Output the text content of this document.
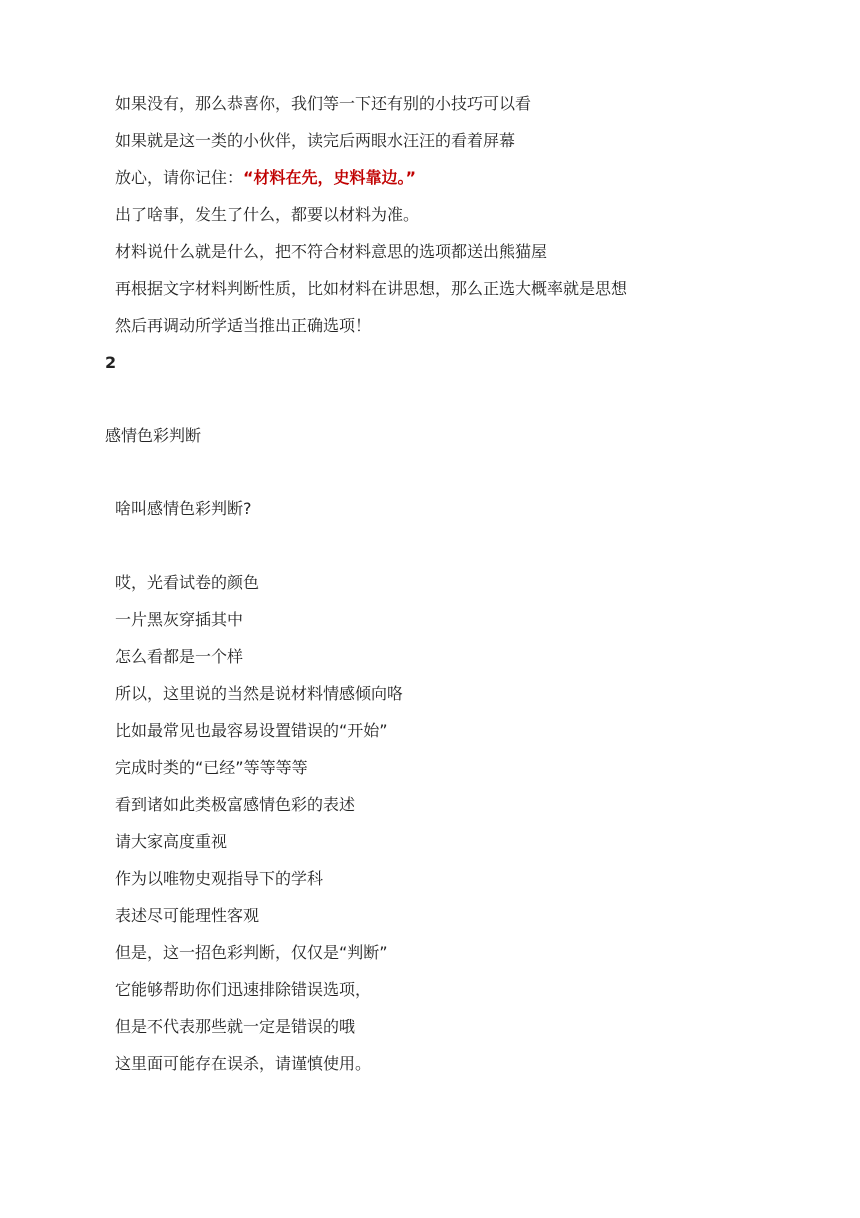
如果没有，那么恭喜你，我们等一下还有别的小技巧可以看
如果就是这一类的小伙伴，读完后两眼水汪汪的看着屏幕
放心，请你记住：“材料在先，史料靠边。”
出了啥事，发生了什么，都要以材料为准。
材料说什么就是什么，把不符合材料意思的选项都送出熊猫屋
再根据文字材料判断性质，比如材料在讲思想，那么正选大概率就是思想
然后再调动所学适当推出正确选项！
2
感情色彩判断
啥叫感情色彩判断?
哎，光看试卷的颜色
一片黑灰穿插其中
怎么看都是一个样
所以，这里说的当然是说材料情感倾向咯
比如最常见也最容易设置错误的“开始”
完成时类的“已经”等等等等
看到诸如此类极富感情色彩的表述
请大家高度重视
作为以唯物史观指导下的学科
表述尽可能理性客观
但是，这一招色彩判断，仅仅是“判断”
它能够帮助你们迅速排除错误选项，
但是不代表那些就一定是错误的哦
这里面可能存在误杀，请谨慎使用。
